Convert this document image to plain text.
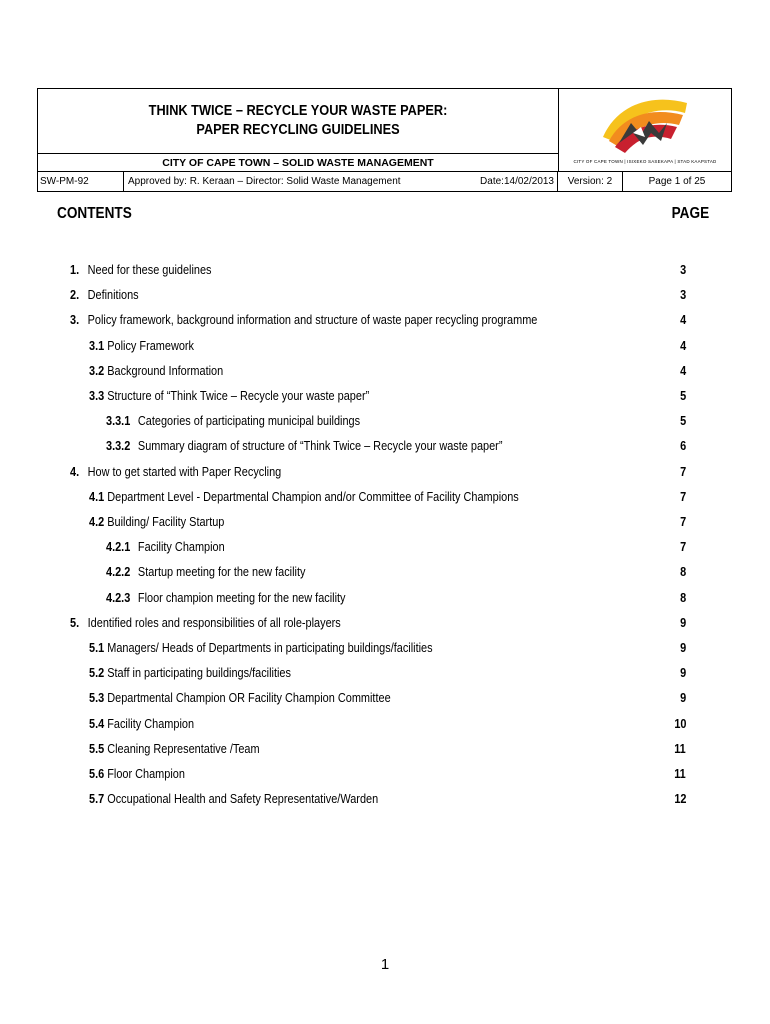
THINK TWICE – RECYCLE YOUR WASTE PAPER:
PAPER RECYCLING GUIDELINES
CITY OF CAPE TOWN – SOLID WASTE MANAGEMENT	CITY OF CAPE TOWN | ISIXEKO SASEKAPA | STAD KAAPSTAD
SW-PM-92	Approved by: R. Keraan – Director: Solid Waste Management	Date:14/02/2013	Version: 2	Page 1 of 25
CONTENTS	PAGE
1. Need for these guidelines	3
2. Definitions	3
3. Policy framework, background information and structure of waste paper recycling programme	4
3.1 Policy Framework	4
3.2 Background Information	4
3.3 Structure of “Think Twice – Recycle your waste paper”	5
3.3.1 Categories of participating municipal buildings	5
3.3.2 Summary diagram of structure of “Think Twice – Recycle your waste paper”	6
4. How to get started with Paper Recycling	7
4.1 Department Level - Departmental Champion and/or Committee of Facility Champions	7
4.2 Building/ Facility Startup	7
4.2.1 Facility Champion	7
4.2.2 Startup meeting for the new facility	8
4.2.3 Floor champion meeting for the new facility	8
5. Identified roles and responsibilities of all role-players	9
5.1 Managers/ Heads of Departments in participating buildings/facilities	9
5.2 Staff in participating buildings/facilities	9
5.3 Departmental Champion OR Facility Champion Committee	9
5.4 Facility Champion	10
5.5 Cleaning Representative /Team	11
5.6 Floor Champion	11
5.7 Occupational Health and Safety Representative/Warden	12
1
